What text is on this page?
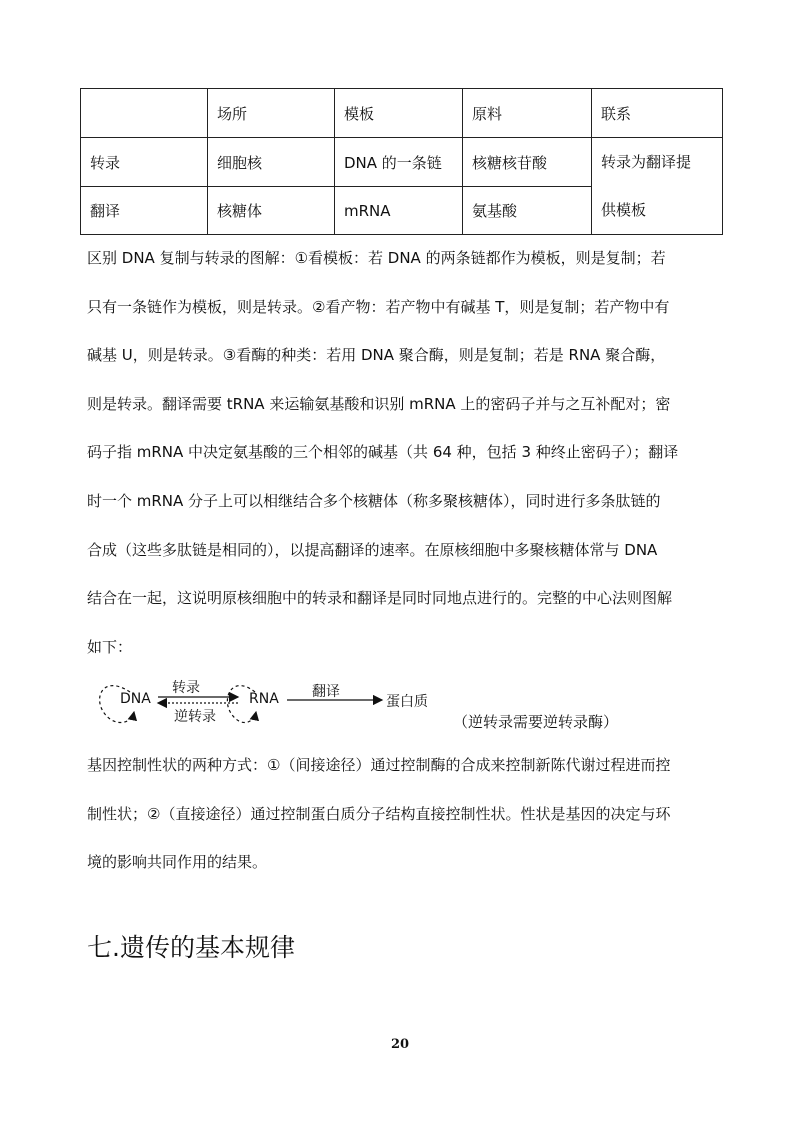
	场所	模板	原料	联系
转录	细胞核	DNA 的一条链	核糖核苷酸	转录为翻译提
供模板

翻译	核糖体	mRNA	氨基酸	
区别 DNA 复制与转录的图解：①看模板：若 DNA 的两条链都作为模板，则是复制；若
只有一条链作为模板，则是转录。②看产物：若产物中有碱基 T，则是复制；若产物中有
碱基 U，则是转录。③看酶的种类：若用 DNA 聚合酶，则是复制；若是 RNA 聚合酶，
则是转录。翻译需要 tRNA 来运输氨基酸和识别 mRNA 上的密码子并与之互补配对；密
码子指 mRNA 中决定氨基酸的三个相邻的碱基（共 64 种，包括 3 种终止密码子）；翻译
时一个 mRNA 分子上可以相继结合多个核糖体（称多聚核糖体），同时进行多条肽链的
合成（这些多肽链是相同的），以提高翻译的速率。在原核细胞中多聚核糖体常与 DNA
结合在一起，这说明原核细胞中的转录和翻译是同时同地点进行的。完整的中心法则图解
如下：
DNA
转录
逆转录
RNA 翻译
蛋白质
（逆转录需要逆转录酶）
基因控制性状的两种方式：①（间接途径）通过控制酶的合成来控制新陈代谢过程进而控
制性状；②（直接途径）通过控制蛋白质分子结构直接控制性状。性状是基因的决定与环
境的影响共同作用的结果。
七.遗传的基本规律
20
